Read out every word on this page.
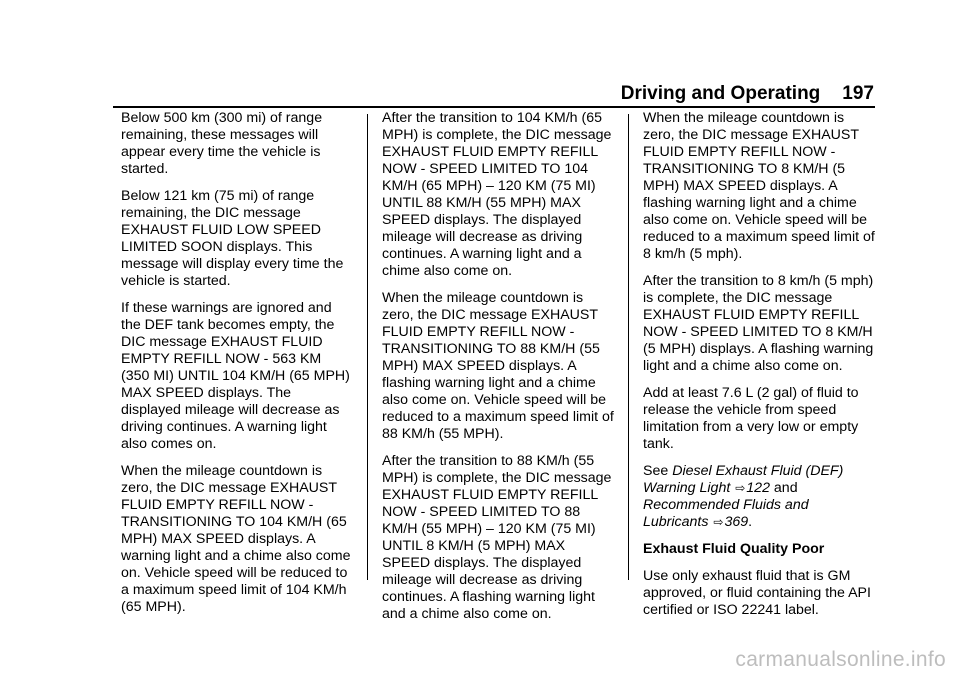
Driving and Operating 197

Below 500 km (300 mi) of range remaining, these messages will appear every time the vehicle is started.

Below 121 km (75 mi) of range remaining, the DIC message EXHAUST FLUID LOW SPEED LIMITED SOON displays. This message will display every time the vehicle is started.

If these warnings are ignored and the DEF tank becomes empty, the DIC message EXHAUST FLUID EMPTY REFILL NOW - 563 KM (350 MI) UNTIL 104 KM/H (65 MPH) MAX SPEED displays. The displayed mileage will decrease as driving continues. A warning light also comes on.

When the mileage countdown is zero, the DIC message EXHAUST FLUID EMPTY REFILL NOW - TRANSITIONING TO 104 KM/H (65 MPH) MAX SPEED displays. A warning light and a chime also come on. Vehicle speed will be reduced to a maximum speed limit of 104 KM/h (65 MPH).

After the transition to 104 KM/h (65 MPH) is complete, the DIC message EXHAUST FLUID EMPTY REFILL NOW - SPEED LIMITED TO 104 KM/H (65 MPH) – 120 KM (75 MI) UNTIL 88 KM/H (55 MPH) MAX SPEED displays. The displayed mileage will decrease as driving continues. A warning light and a chime also come on.

When the mileage countdown is zero, the DIC message EXHAUST FLUID EMPTY REFILL NOW - TRANSITIONING TO 88 KM/H (55 MPH) MAX SPEED displays. A flashing warning light and a chime also come on. Vehicle speed will be reduced to a maximum speed limit of 88 KM/h (55 MPH).

After the transition to 88 KM/h (55 MPH) is complete, the DIC message EXHAUST FLUID EMPTY REFILL NOW - SPEED LIMITED TO 88 KM/H (55 MPH) – 120 KM (75 MI) UNTIL 8 KM/H (5 MPH) MAX SPEED displays. The displayed mileage will decrease as driving continues. A flashing warning light and a chime also come on.

When the mileage countdown is zero, the DIC message EXHAUST FLUID EMPTY REFILL NOW - TRANSITIONING TO 8 KM/H (5 MPH) MAX SPEED displays. A flashing warning light and a chime also come on. Vehicle speed will be reduced to a maximum speed limit of 8 km/h (5 mph).

After the transition to 8 km/h (5 mph) is complete, the DIC message EXHAUST FLUID EMPTY REFILL NOW - SPEED LIMITED TO 8 KM/H (5 MPH) displays. A flashing warning light and a chime also come on.

Add at least 7.6 L (2 gal) of fluid to release the vehicle from speed limitation from a very low or empty tank.

See Diesel Exhaust Fluid (DEF) Warning Light ⇨122 and Recommended Fluids and Lubricants ⇨369.

Exhaust Fluid Quality Poor

Use only exhaust fluid that is GM approved, or fluid containing the API certified or ISO 22241 label.

carmanualsonline.info
